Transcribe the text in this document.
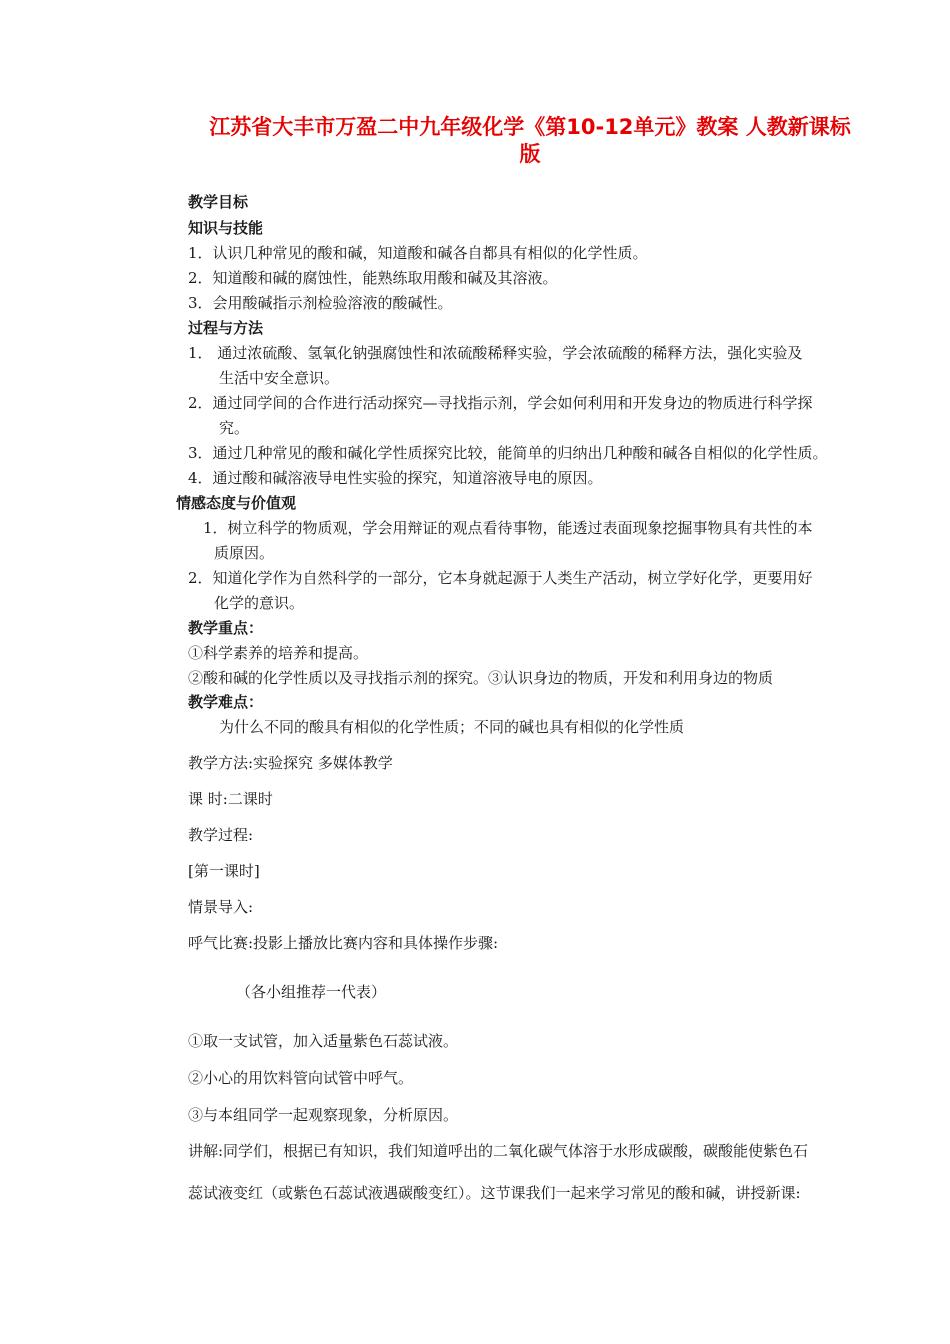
江苏省大丰市万盈二中九年级化学《第10-12单元》教案 人教新课标
版
教学目标
知识与技能
1．认识几种常见的酸和碱，知道酸和碱各自都具有相似的化学性质。
2．知道酸和碱的腐蚀性，能熟练取用酸和碱及其溶液。
3．会用酸碱指示剂检验溶液的酸碱性。
过程与方法
1． 通过浓硫酸、氢氧化钠强腐蚀性和浓硫酸稀释实验，学会浓硫酸的稀释方法，强化实验及
生活中安全意识。
2．通过同学间的合作进行活动探究—寻找指示剂，学会如何利用和开发身边的物质进行科学探
究。
3．通过几种常见的酸和碱化学性质探究比较，能简单的归纳出几种酸和碱各自相似的化学性质。
4．通过酸和碱溶液导电性实验的探究，知道溶液导电的原因。
情感态度与价值观
1．树立科学的物质观，学会用辩证的观点看待事物，能透过表面现象挖掘事物具有共性的本
质原因。
2．知道化学作为自然科学的一部分，它本身就起源于人类生产活动，树立学好化学，更要用好
化学的意识。
教学重点：
①科学素养的培养和提高。
②酸和碱的化学性质以及寻找指示剂的探究。③认识身边的物质，开发和利用身边的物质
教学难点：
为什么不同的酸具有相似的化学性质；不同的碱也具有相似的化学性质
教学方法:实验探究 多媒体教学
课 时:二课时
教学过程:
[第一课时]
情景导入:
呼气比赛:投影上播放比赛内容和具体操作步骤:
（各小组推荐一代表）
①取一支试管，加入适量紫色石蕊试液。
②小心的用饮料管向试管中呼气。
③与本组同学一起观察现象，分析原因。
讲解:同学们，根据已有知识，我们知道呼出的二氧化碳气体溶于水形成碳酸，碳酸能使紫色石
蕊试液变红（或紫色石蕊试液遇碳酸变红）。这节课我们一起来学习常见的酸和碱，讲授新课:
